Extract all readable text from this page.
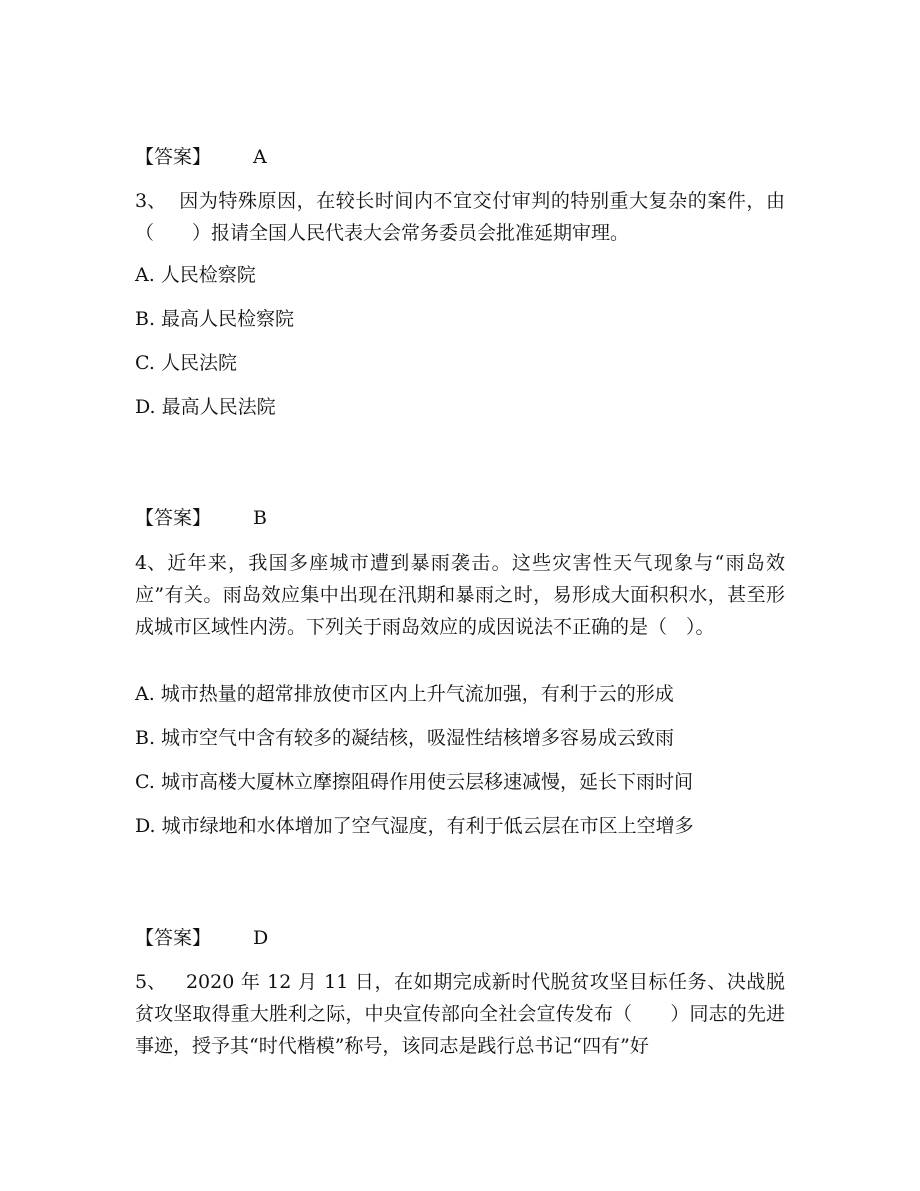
【答案】 A
3、 因为特殊原因，在较长时间内不宜交付审判的特别重大复杂的案件，由（　　）报请全国人民代表大会常务委员会批准延期审理。
A. 人民检察院
B. 最高人民检察院
C. 人民法院
D. 最高人民法院
【答案】 B
4、近年来，我国多座城市遭到暴雨袭击。这些灾害性天气现象与“雨岛效应”有关。雨岛效应集中出现在汛期和暴雨之时，易形成大面积积水，甚至形成城市区域性内涝。下列关于雨岛效应的成因说法不正确的是（　）。
A. 城市热量的超常排放使市区内上升气流加强，有利于云的形成
B. 城市空气中含有较多的凝结核，吸湿性结核增多容易成云致雨
C. 城市高楼大厦林立摩擦阻碍作用使云层移速减慢，延长下雨时间
D. 城市绿地和水体增加了空气湿度，有利于低云层在市区上空增多
【答案】 D
5、 2020 年 12 月 11 日，在如期完成新时代脱贫攻坚目标任务、决战脱贫攻坚取得重大胜利之际，中央宣传部向全社会宣传发布（　　）同志的先进事迹，授予其“时代楷模”称号，该同志是践行总书记“四有”好
